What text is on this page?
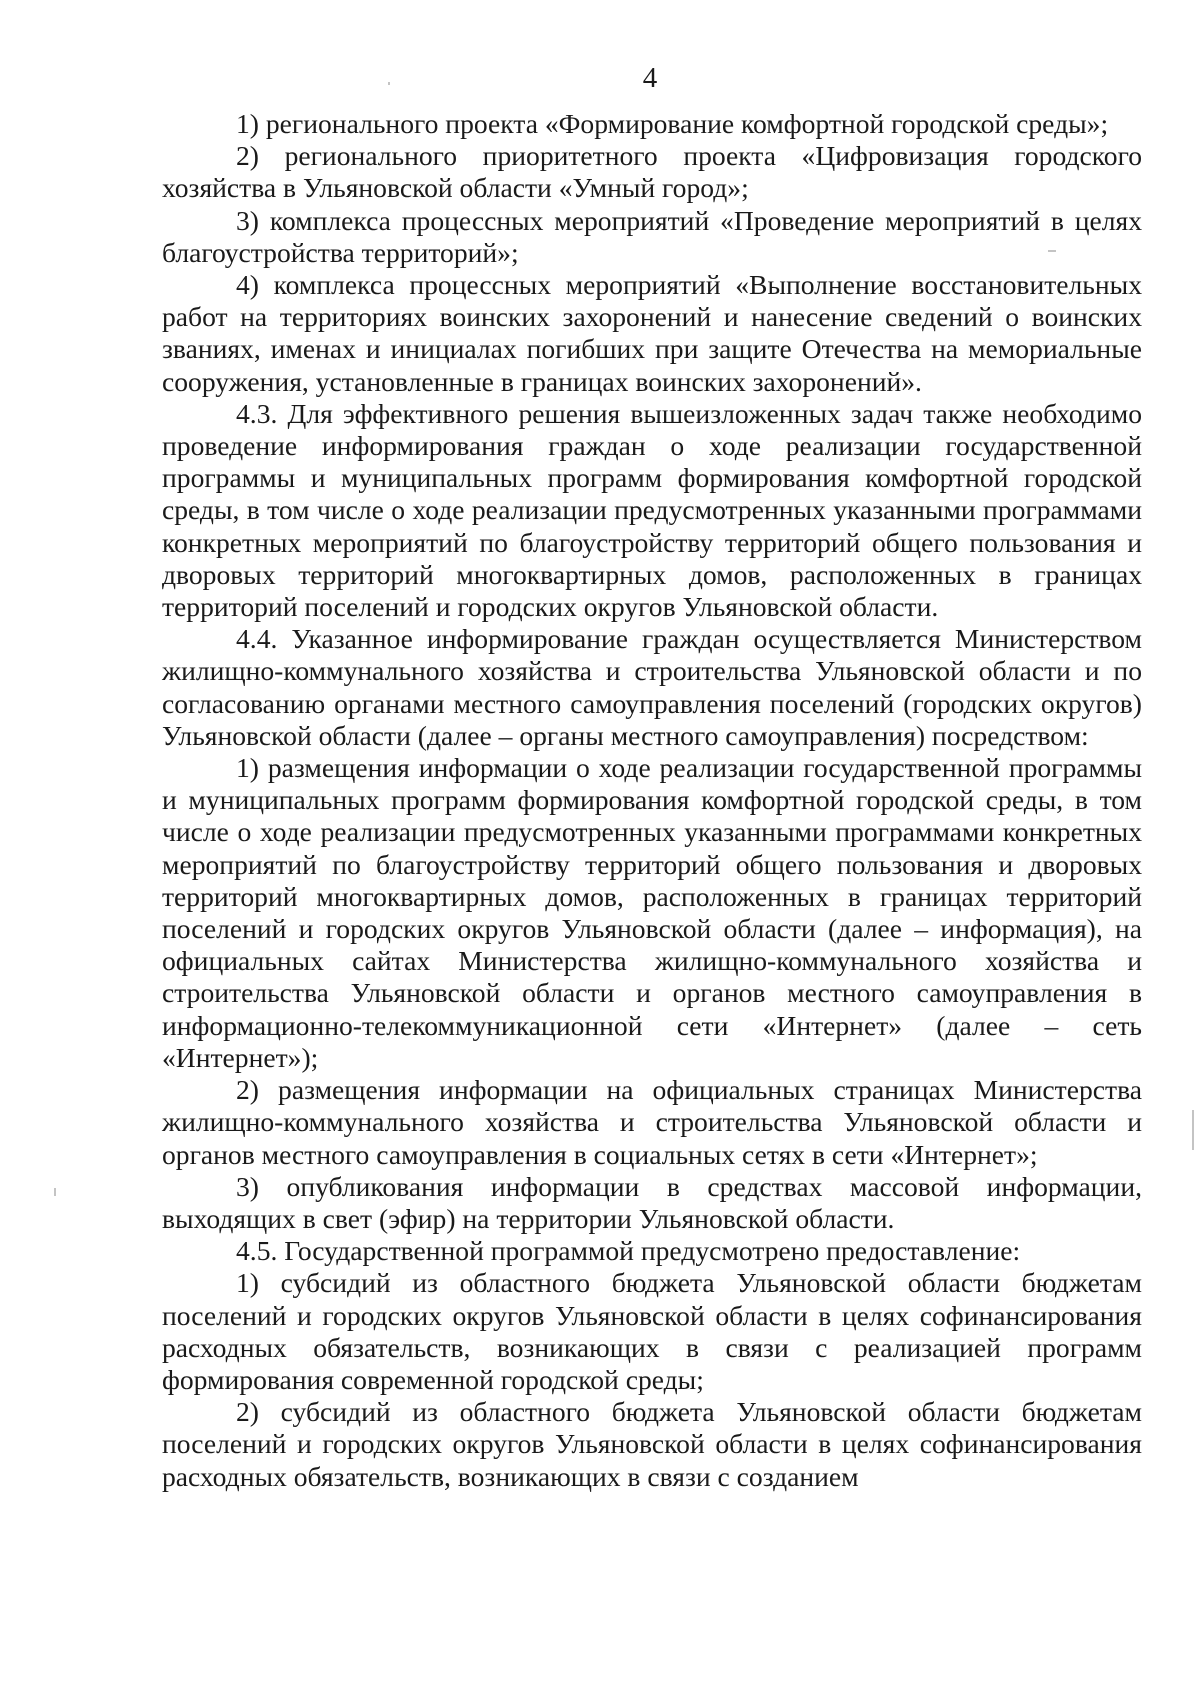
4

1) регионального проекта «Формирование комфортной городской среды»;

2) регионального приоритетного проекта «Цифровизация городского хозяйства в Ульяновской области «Умный город»;

3) комплекса процессных мероприятий «Проведение мероприятий в целях благоустройства территорий»;

4) комплекса процессных мероприятий «Выполнение восстановительных работ на территориях воинских захоронений и нанесение сведений о воинских званиях, именах и инициалах погибших при защите Отечества на мемориальные сооружения, установленные в границах воинских захоронений».

4.3. Для эффективного решения вышеизложенных задач также необходимо проведение информирования граждан о ходе реализации государственной программы и муниципальных программ формирования комфортной городской среды, в том числе о ходе реализации предусмотренных указанными программами конкретных мероприятий по благоустройству территорий общего пользования и дворовых территорий многоквартирных домов, расположенных в границах территорий поселений и городских округов Ульяновской области.

4.4. Указанное информирование граждан осуществляется Министерством жилищно-коммунального хозяйства и строительства Ульяновской области и по согласованию органами местного самоуправления поселений (городских округов) Ульяновской области (далее – органы местного самоуправления) посредством:

1) размещения информации о ходе реализации государственной программы и муниципальных программ формирования комфортной городской среды, в том числе о ходе реализации предусмотренных указанными программами конкретных мероприятий по благоустройству территорий общего пользования и дворовых территорий многоквартирных домов, расположенных в границах территорий поселений и городских округов Ульяновской области (далее – информация), на официальных сайтах Министерства жилищно-коммунального хозяйства и строительства Ульяновской области и органов местного самоуправления в информационно-телекоммуникационной сети «Интернет» (далее – сеть «Интернет»);

2) размещения информации на официальных страницах Министерства жилищно-коммунального хозяйства и строительства Ульяновской области и органов местного самоуправления в социальных сетях в сети «Интернет»;

3) опубликования информации в средствах массовой информации, выходящих в свет (эфир) на территории Ульяновской области.

4.5. Государственной программой предусмотрено предоставление:

1) субсидий из областного бюджета Ульяновской области бюджетам поселений и городских округов Ульяновской области в целях софинансирования расходных обязательств, возникающих в связи с реализацией программ формирования современной городской среды;

2) субсидий из областного бюджета Ульяновской области бюджетам поселений и городских округов Ульяновской области в целях софинансирования расходных обязательств, возникающих в связи с созданием
